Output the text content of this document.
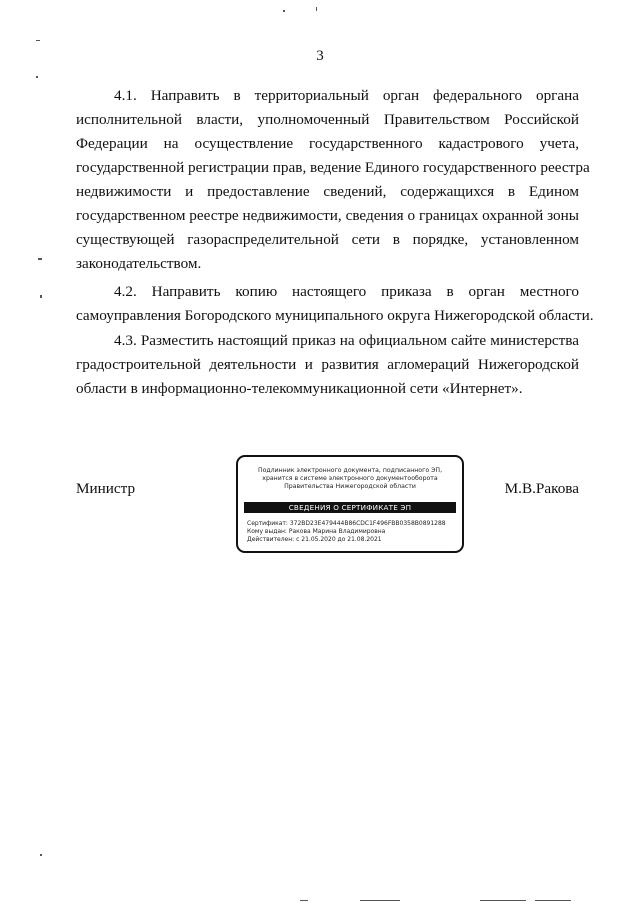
3
4.1. Направить в территориальный орган федерального органа
исполнительной власти, уполномоченный Правительством Российской
Федерации на осуществление государственного кадастрового учета,
государственной регистрации прав, ведение Единого государственного реестра
недвижимости и предоставление сведений, содержащихся в Едином
государственном реестре недвижимости, сведения о границах охранной зоны
существующей газораспределительной сети в порядке, установленном
законодательством.
4.2. Направить копию настоящего приказа в орган местного
самоуправления Богородского муниципального округа Нижегородской области.
4.3. Разместить настоящий приказ на официальном сайте министерства
градостроительной деятельности и развития агломераций Нижегородской
области в информационно-телекоммуникационной сети «Интернет».
Министр	М.В.Ракова
Подлинник электронного документа, подписанного ЭП,
хранится в системе электронного документооборота
Правительства Нижегородской области
СВЕДЕНИЯ О СЕРТИФИКАТЕ ЭП
Сертификат: 372BD23E479444B86CDC1F496FBB0358B0891288
Кому выдан: Ракова Марина Владимировна
Действителен: с 21.05.2020 до 21.08.2021
